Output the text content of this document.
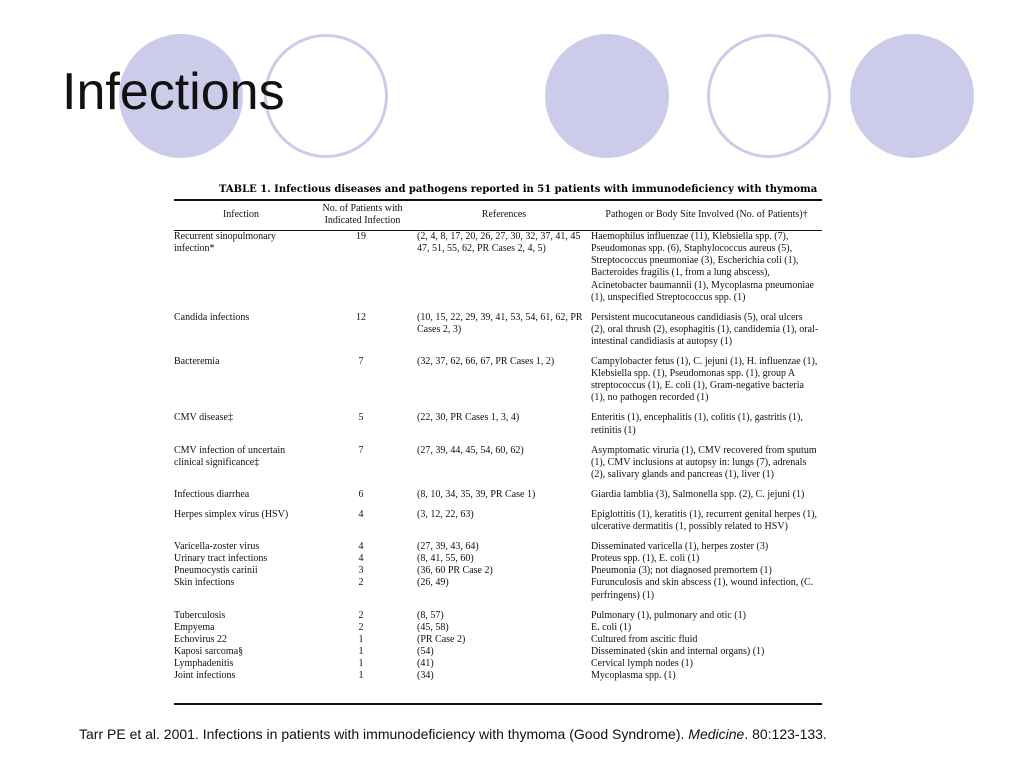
Infections
TABLE 1. Infectious diseases and pathogens reported in 51 patients with immunodeficiency with thymoma
Infection	No. of Patients with Indicated Infection	References	Pathogen or Body Site Involved (No. of Patients)†
Recurrent sinopulmonary infection*	19	(2, 4, 8, 17, 20, 26, 27, 30, 32, 37, 41, 45 47, 51, 55, 62, PR Cases 2, 4, 5)	Haemophilus influenzae (11), Klebsiella spp. (7), Pseudomonas spp. (6), Staphylococcus aureus (5), Streptococcus pneumoniae (3), Escherichia coli (1), Bacteroides fragilis (1, from a lung abscess), Acinetobacter baumannii (1), Mycoplasma pneumoniae (1), unspecified Streptococcus spp. (1)
Candida infections	12	(10, 15, 22, 29, 39, 41, 53, 54, 61, 62, PR Cases 2, 3)	Persistent mucocutaneous candidiasis (5), oral ulcers (2), oral thrush (2), esophagitis (1), candidemia (1), oral-intestinal candidiasis at autopsy (1)
Bacteremia	7	(32, 37, 62, 66, 67, PR Cases 1, 2)	Campylobacter fetus (1), C. jejuni (1), H. influenzae (1), Klebsiella spp. (1), Pseudomonas spp. (1), group A streptococcus (1), E. coli (1), Gram-negative bacteria (1), no pathogen recorded (1)
CMV disease‡	5	(22, 30, PR Cases 1, 3, 4)	Enteritis (1), encephalitis (1), colitis (1), gastritis (1), retinitis (1)
CMV infection of uncertain clinical significance‡	7	(27, 39, 44, 45, 54, 60, 62)	Asymptomatic viruria (1), CMV recovered from sputum (1), CMV inclusions at autopsy in: lungs (7), adrenals (2), salivary glands and pancreas (1), liver (1)
Infectious diarrhea	6	(8, 10, 34, 35, 39, PR Case 1)	Giardia lamblia (3), Salmonella spp. (2), C. jejuni (1)
Herpes simplex virus (HSV)	4	(3, 12, 22, 63)	Epiglottitis (1), keratitis (1), recurrent genital herpes (1), ulcerative dermatitis (1, possibly related to HSV)
Varicella-zoster virus	4	(27, 39, 43, 64)	Disseminated varicella (1), herpes zoster (3)
Urinary tract infections	4	(8, 41, 55, 60)	Proteus spp. (1), E. coli (1)
Pneumocystis carinii	3	(36, 60 PR Case 2)	Pneumonia (3); not diagnosed premortem (1)
Skin infections	2	(26, 49)	Furunculosis and skin abscess (1), wound infection, (C. perfringens) (1)
Tuberculosis	2	(8, 57)	Pulmonary (1), pulmonary and otic (1)
Empyema	2	(45, 58)	E. coli (1)
Echovirus 22	1	(PR Case 2)	Cultured from ascitic fluid
Kaposi sarcoma§	1	(54)	Disseminated (skin and internal organs) (1)
Lymphadenitis	1	(41)	Cervical lymph nodes (1)
Joint infections	1	(34)	Mycoplasma spp. (1)
Tarr PE et al. 2001. Infections in patients with immunodeficiency with thymoma (Good Syndrome). Medicine. 80:123-133.
